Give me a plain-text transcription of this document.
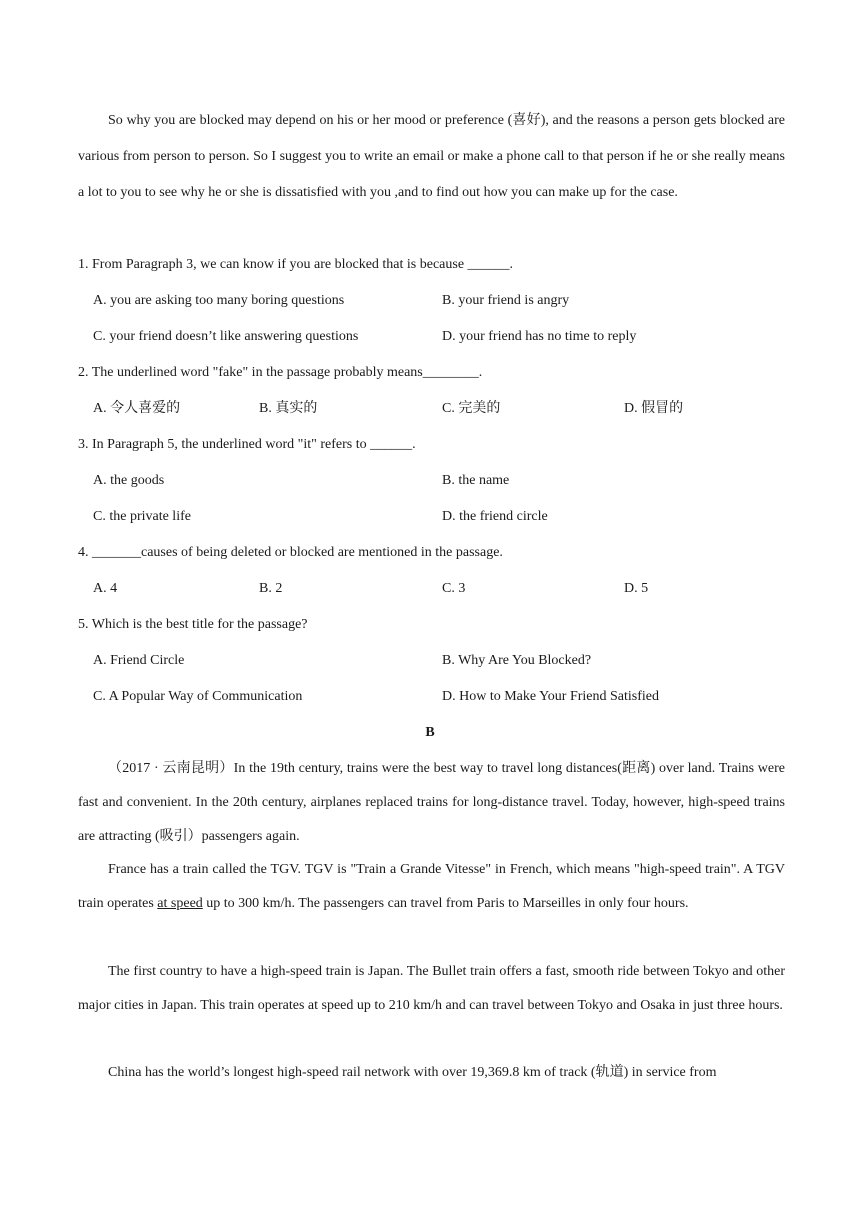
So why you are blocked may depend on his or her mood or preference (喜好), and the reasons a person gets blocked are various from person to person. So I suggest you to write an email or make a phone call to that person if he or she really means a lot to you to see why he or she is dissatisfied with you ,and to find out how you can make up for the case.

1. From Paragraph 3, we can know if you are blocked that is because ______.
A. you are asking too many boring questions	B. your friend is angry
C. your friend doesn’t like answering questions	D. your friend has no time to reply
2. The underlined word "fake" in the passage probably means________.
A. 令人喜爱的	B. 真实的	C. 完美的	D. 假冒的
3. In Paragraph 5, the underlined word "it" refers to ______.
A. the goods	B. the name
C. the private life	D. the friend circle
4. _______causes of being deleted or blocked are mentioned in the passage.
A. 4	B. 2	C. 3	D. 5
5. Which is the best title for the passage?
A. Friend Circle	B. Why Are You Blocked?
C. A Popular Way of Communication	D. How to Make Your Friend Satisfied
B

（2017 · 云南昆明）In the 19th century, trains were the best way to travel long distances(距离) over land. Trains were fast and convenient. In the 20th century, airplanes replaced trains for long-distance travel. Today, however, high-speed trains are attracting (吸引）passengers again.

France has a train called the TGV. TGV is "Train a Grande Vitesse" in French, which means "high-speed train". A TGV train operates at speed up to 300 km/h. The passengers can travel from Paris to Marseilles in only four hours.

The first country to have a high-speed train is Japan. The Bullet train offers a fast, smooth ride between Tokyo and other major cities in Japan. This train operates at speed up to 210 km/h and can travel between Tokyo and Osaka in just three hours.

China has the world’s longest high-speed rail network with over 19,369.8 km of track (轨道) in service from
